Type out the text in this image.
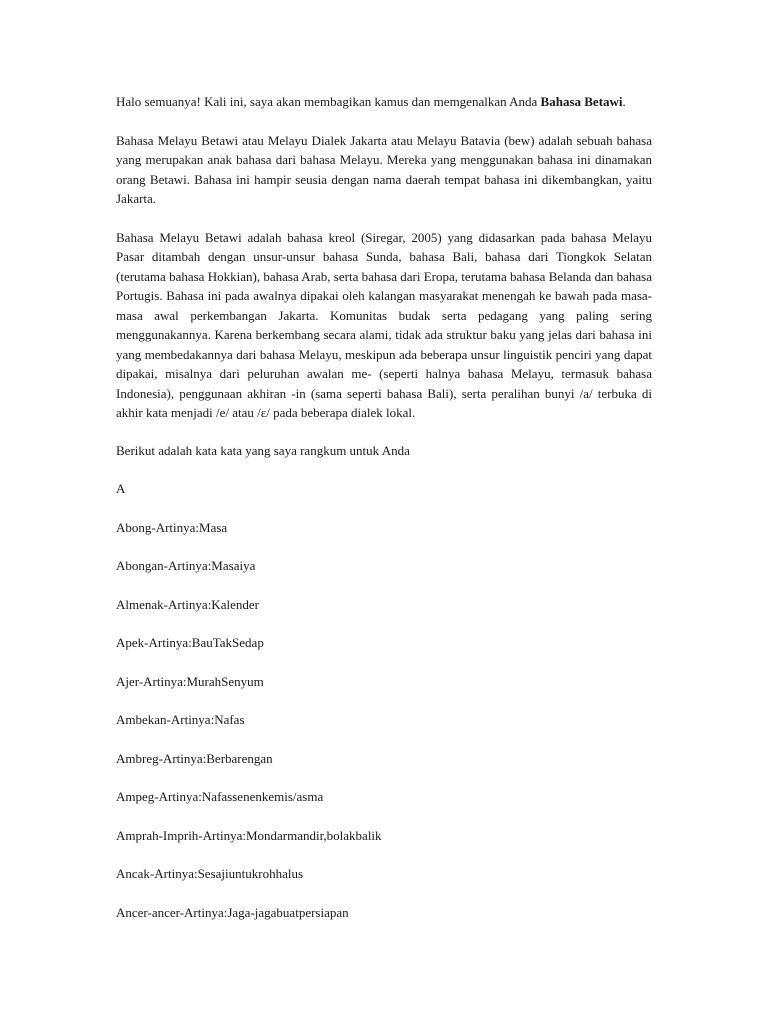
Halo semuanya! Kali ini, saya akan membagikan kamus dan memgenalkan Anda Bahasa Betawi.

Bahasa Melayu Betawi atau Melayu Dialek Jakarta atau Melayu Batavia (bew) adalah sebuah bahasa yang merupakan anak bahasa dari bahasa Melayu. Mereka yang menggunakan bahasa ini dinamakan orang Betawi. Bahasa ini hampir seusia dengan nama daerah tempat bahasa ini dikembangkan, yaitu Jakarta.

Bahasa Melayu Betawi adalah bahasa kreol (Siregar, 2005) yang didasarkan pada bahasa Melayu Pasar ditambah dengan unsur-unsur bahasa Sunda, bahasa Bali, bahasa dari Tiongkok Selatan (terutama bahasa Hokkian), bahasa Arab, serta bahasa dari Eropa, terutama bahasa Belanda dan bahasa Portugis. Bahasa ini pada awalnya dipakai oleh kalangan masyarakat menengah ke bawah pada masa-masa awal perkembangan Jakarta. Komunitas budak serta pedagang yang paling sering menggunakannya. Karena berkembang secara alami, tidak ada struktur baku yang jelas dari bahasa ini yang membedakannya dari bahasa Melayu, meskipun ada beberapa unsur linguistik penciri yang dapat dipakai, misalnya dari peluruhan awalan me- (seperti halnya bahasa Melayu, termasuk bahasa Indonesia), penggunaan akhiran -in (sama seperti bahasa Bali), serta peralihan bunyi /a/ terbuka di akhir kata menjadi /e/ atau /ɛ/ pada beberapa dialek lokal.

Berikut adalah kata kata yang saya rangkum untuk Anda

A

Abong-Artinya:Masa

Abongan-Artinya:Masaiya

Almenak-Artinya:Kalender

Apek-Artinya:BauTakSedap

Ajer-Artinya:MurahSenyum

Ambekan-Artinya:Nafas

Ambreg-Artinya:Berbarengan

Ampeg-Artinya:Nafassenenkemis/asma

Amprah-Imprih-Artinya:Mondarmandir,bolakbalik

Ancak-Artinya:Sesajiuntukrohhalus

Ancer-ancer-Artinya:Jaga-jagabuatpersiapan
